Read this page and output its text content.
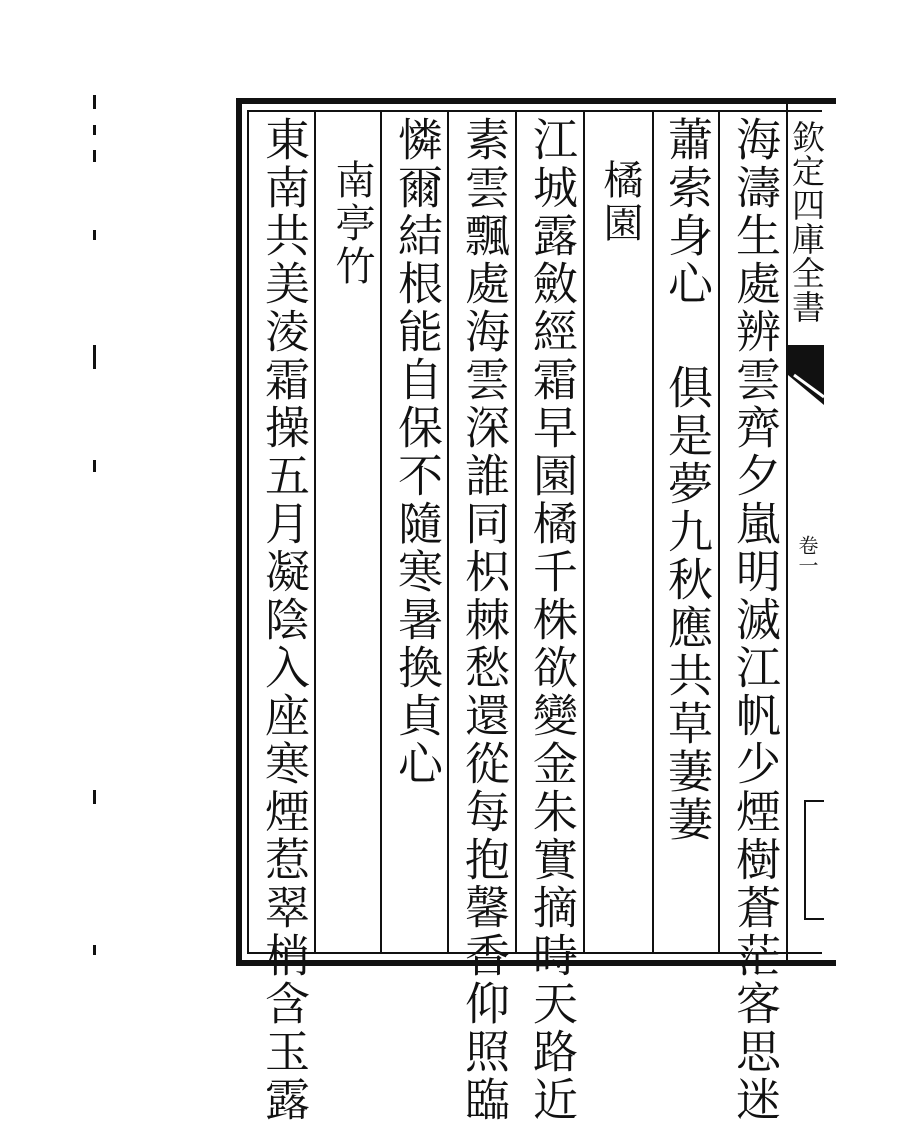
海濤生處辨雲齊夕嵐明滅江帆少煙樹蒼茫客思迷
蕭索身心 俱是夢九秋應共草萋萋
　橘園
江城露斂經霜早園橘千株欲變金朱實摘時天路近
素雲飄處海雲深誰同枳棘愁還從每抱馨香仰照臨
憐爾結根能自保不隨寒暑換貞心
　南亭竹
東南共美淩霜操五月凝陰入座寒煙惹翠梢含玉露	欽定四庫全書
卷一
